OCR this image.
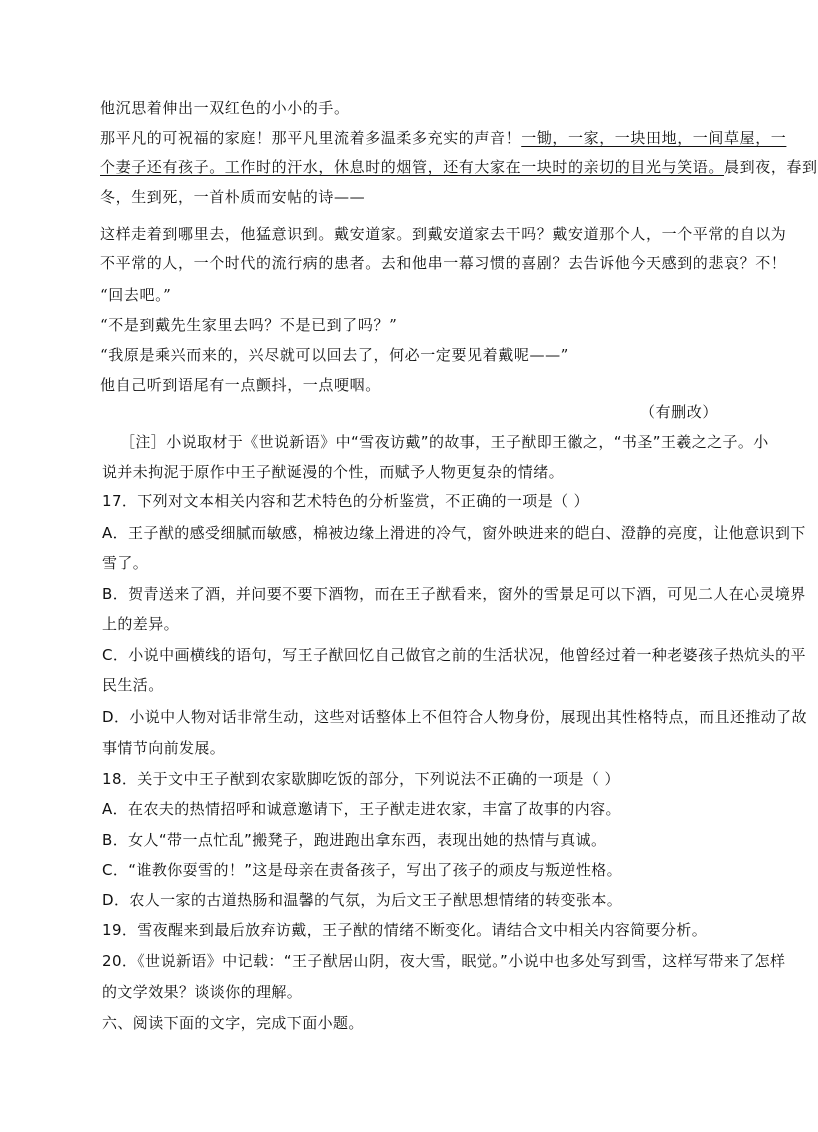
他沉思着伸出一双红色的小小的手。
那平凡的可祝福的家庭！那平凡里流着多温柔多充实的声音！一锄，一家，一块田地，一间草屋，一
个妻子还有孩子。工作时的汗水，休息时的烟管，还有大家在一块时的亲切的目光与笑语。晨到夜，春到
冬，生到死，一首朴质而安帖的诗——
这样走着到哪里去，他猛意识到。戴安道家。到戴安道家去干吗？戴安道那个人，一个平常的自以为
不平常的人，一个时代的流行病的患者。去和他串一幕习惯的喜剧？去告诉他今天感到的悲哀？不！
“回去吧。”
“不是到戴先生家里去吗？不是已到了吗？”
“我原是乘兴而来的，兴尽就可以回去了，何必一定要见着戴呢——”
他自己听到语尾有一点颤抖，一点哽咽。
（有删改）
［注］小说取材于《世说新语》中“雪夜访戴”的故事，王子猷即王徽之，“书圣”王羲之之子。小
说并未拘泥于原作中王子猷诞漫的个性，而赋予人物更复杂的情绪。
17．下列对文本相关内容和艺术特色的分析鉴赏，不正确的一项是（ ）
A．王子猷的感受细腻而敏感，棉被边缘上滑进的冷气，窗外映进来的皑白、澄静的亮度，让他意识到下
雪了。
B．贺青送来了酒，并问要不要下酒物，而在王子猷看来，窗外的雪景足可以下酒，可见二人在心灵境界
上的差异。
C．小说中画横线的语句，写王子猷回忆自己做官之前的生活状况，他曾经过着一种老婆孩子热炕头的平
民生活。
D．小说中人物对话非常生动，这些对话整体上不但符合人物身份，展现出其性格特点，而且还推动了故
事情节向前发展。
18．关于文中王子猷到农家歇脚吃饭的部分，下列说法不正确的一项是（ ）
A．在农夫的热情招呼和诚意邀请下，王子猷走进农家，丰富了故事的内容。
B．女人“带一点忙乱”搬凳子，跑进跑出拿东西，表现出她的热情与真诚。
C．“谁教你耍雪的！”这是母亲在责备孩子，写出了孩子的顽皮与叛逆性格。
D．农人一家的古道热肠和温馨的气氛，为后文王子猷思想情绪的转变张本。
19．雪夜醒来到最后放弃访戴，王子猷的情绪不断变化。请结合文中相关内容简要分析。
20．《世说新语》中记载：“王子猷居山阴，夜大雪，眠觉。”小说中也多处写到雪，这样写带来了怎样
的文学效果？谈谈你的理解。
六、阅读下面的文字，完成下面小题。
